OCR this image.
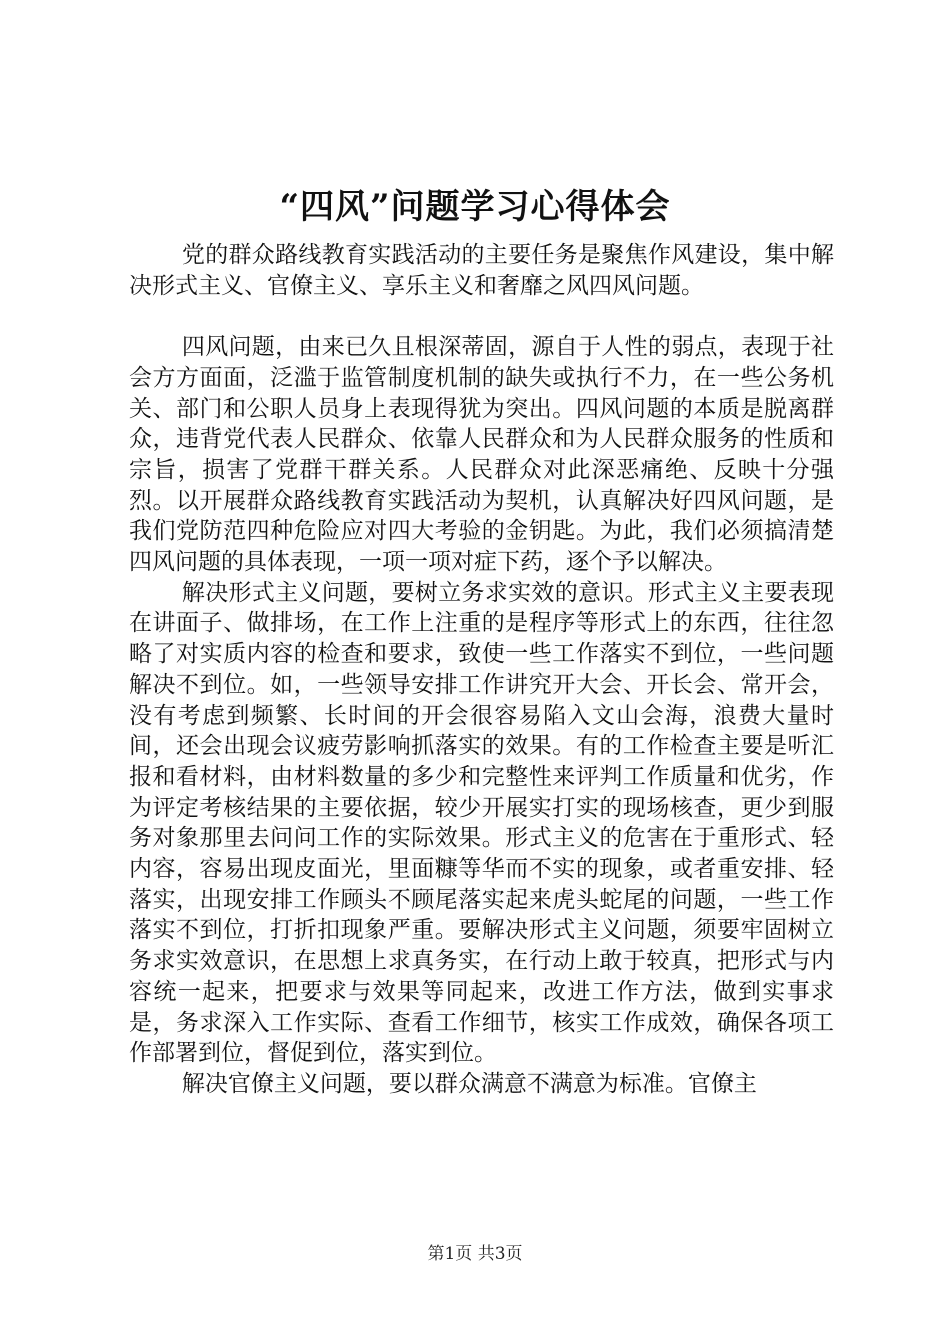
“四风”问题学习心得体会

党的群众路线教育实践活动的主要任务是聚焦作风建设，集中解决形式主义、官僚主义、享乐主义和奢靡之风四风问题。

四风问题，由来已久且根深蒂固，源自于人性的弱点，表现于社会方方面面，泛滥于监管制度机制的缺失或执行不力，在一些公务机关、部门和公职人员身上表现得犹为突出。四风问题的本质是脱离群众，违背党代表人民群众、依靠人民群众和为人民群众服务的性质和宗旨，损害了党群干群关系。人民群众对此深恶痛绝、反映十分强烈。以开展群众路线教育实践活动为契机，认真解决好四风问题，是我们党防范四种危险应对四大考验的金钥匙。为此，我们必须搞清楚四风问题的具体表现，一项一项对症下药，逐个予以解决。

解决形式主义问题，要树立务求实效的意识。形式主义主要表现在讲面子、做排场，在工作上注重的是程序等形式上的东西，往往忽略了对实质内容的检查和要求，致使一些工作落实不到位，一些问题解决不到位。如，一些领导安排工作讲究开大会、开长会、常开会，没有考虑到频繁、长时间的开会很容易陷入文山会海，浪费大量时间，还会出现会议疲劳影响抓落实的效果。有的工作检查主要是听汇报和看材料，由材料数量的多少和完整性来评判工作质量和优劣，作为评定考核结果的主要依据，较少开展实打实的现场核查，更少到服务对象那里去问问工作的实际效果。形式主义的危害在于重形式、轻内容，容易出现皮面光，里面糠等华而不实的现象，或者重安排、轻落实，出现安排工作顾头不顾尾落实起来虎头蛇尾的问题，一些工作落实不到位，打折扣现象严重。要解决形式主义问题，须要牢固树立务求实效意识，在思想上求真务实，在行动上敢于较真，把形式与内容统一起来，把要求与效果等同起来，改进工作方法，做到实事求是，务求深入工作实际、查看工作细节，核实工作成效，确保各项工作部署到位，督促到位，落实到位。

解决官僚主义问题，要以群众满意不满意为标准。官僚主

第1页 共3页
